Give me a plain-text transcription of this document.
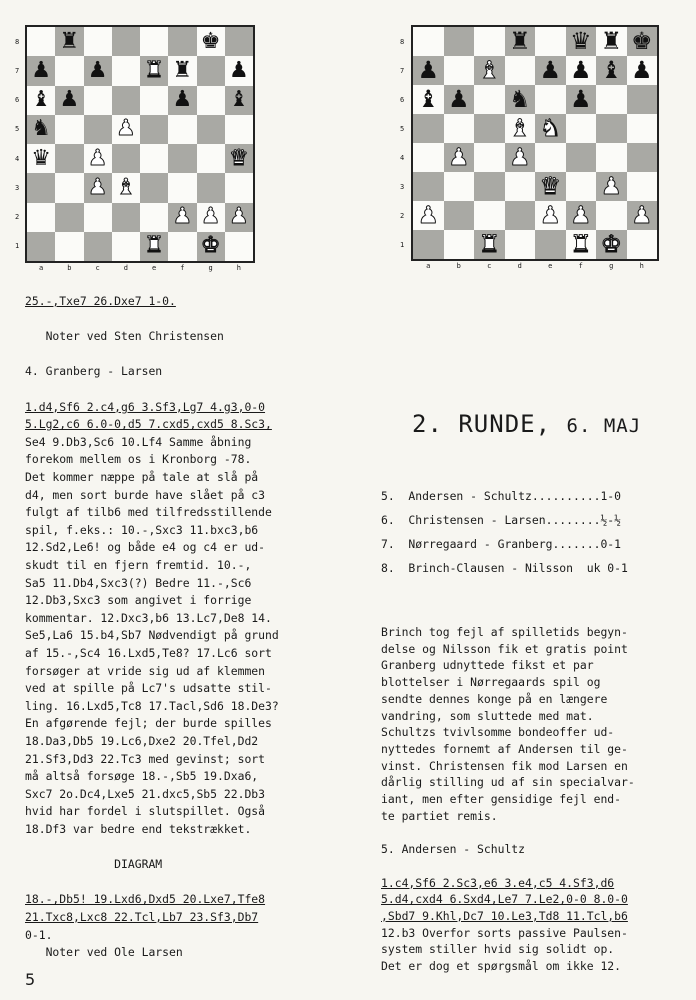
♜	♚
♟ ♟ ♜ ♜ ♟
♝ ♟	♟ ♝
♞	♟
♛ ♟	♛
♟ ♝
♟ ♟ ♟
♜ ♚
8
7
6
5
4
3
2
1
a	b	c	d	e	f	g	h
♜ ♛ ♜ ♚
♟ ♝ ♟ ♟ ♝ ♟
♝ ♟ ♞ ♟
♝ ♞
♟ ♟
♛ ♟
♟	♟ ♟ ♟
♜	♜ ♚
8
7
6
5
4
3
2
1
a	b	c	d	e	f	g	h
25.-,Txe7 26.Dxe7 1-0.
Noter ved Sten Christensen
4. Granberg - Larsen
1.d4,Sf6 2.c4,g6 3.Sf3,Lg7 4.g3,0-0
5.Lg2,c6 6.0-0,d5 7.cxd5,cxd5 8.Sc3,
Se4 9.Db3,Sc6 10.Lf4 Samme åbning
forekom mellem os i Kronborg -78.
Det kommer næppe på tale at slå på
d4, men sort burde have slået på c3
fulgt af tilb6 med tilfredsstillende
spil, f.eks.: 10.-,Sxc3 11.bxc3,b6
12.Sd2,Le6! og både e4 og c4 er ud-
skudt til en fjern fremtid. 10.-,
Sa5 11.Db4,Sxc3(?) Bedre 11.-,Sc6
12.Db3,Sxc3 som angivet i forrige
kommentar. 12.Dxc3,b6 13.Lc7,De8 14.
Se5,La6 15.b4,Sb7 Nødvendigt på grund
af 15.-,Sc4 16.Lxd5,Te8? 17.Lc6 sort
forsøger at vride sig ud af klemmen
ved at spille på Lc7's udsatte stil-
ling. 16.Lxd5,Tc8 17.Tacl,Sd6 18.De3?
En afgørende fejl; der burde spilles
18.Da3,Db5 19.Lc6,Dxe2 20.Tfel,Dd2
21.Sf3,Dd3 22.Tc3 med gevinst; sort
må altså forsøge 18.-,Sb5 19.Dxa6,
Sxc7 2o.Dc4,Lxe5 21.dxc5,Sb5 22.Db3
hvid har fordel i slutspillet. Også
18.Df3 var bedre end tekstrækket.
DIAGRAM
18.-,Db5! 19.Lxd6,Dxd5 20.Lxe7,Tfe8
21.Txc8,Lxc8 22.Tcl,Lb7 23.Sf3,Db7
0-1.
Noter ved Ole Larsen
2. RUNDE, 6. MAJ
5.  Andersen - Schultz..........1-0
6.  Christensen - Larsen........½-½
7.  Nørregaard - Granberg.......0-1
8.  Brinch-Clausen - Nilsson  uk 0-1
Brinch tog fejl af spilletids begyn-
delse og Nilsson fik et gratis point
Granberg udnyttede fikst et par
blottelser i Nørregaards spil og
sendte dennes konge på en længere
vandring, som sluttede med mat.
Schultzs tvivlsomme bondeoffer ud-
nyttedes fornemt af Andersen til ge-
vinst. Christensen fik mod Larsen en
dårlig stilling ud af sin specialvar-
iant, men efter gensidige fejl end-
te partiet remis.
5. Andersen - Schultz
1.c4,Sf6 2.Sc3,e6 3.e4,c5 4.Sf3,d6
5.d4,cxd4 6.Sxd4,Le7 7.Le2,0-0 8.0-0
,Sbd7 9.Khl,Dc7 10.Le3,Td8 11.Tcl,b6
12.b3 Overfor sorts passive Paulsen-
system stiller hvid sig solidt op.
Det er dog et spørgsmål om ikke 12.
5
